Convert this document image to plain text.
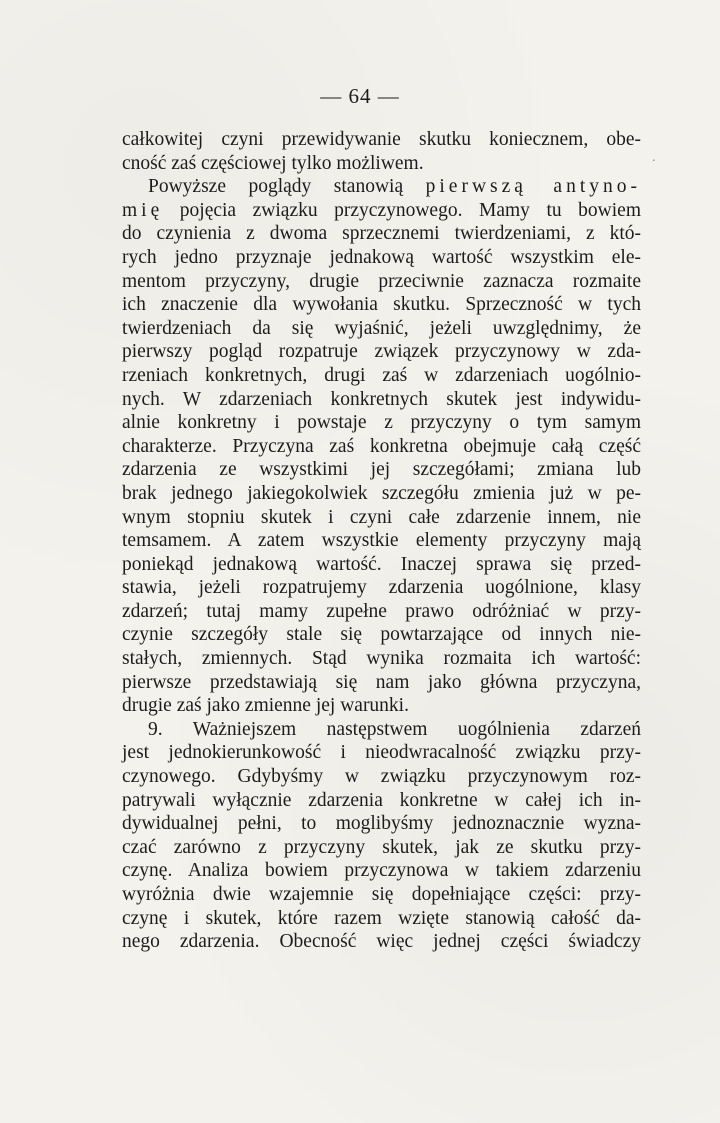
— 64 —
.
całkowitej czyni przewidywanie skutku koniecznem, obe-
cność zaś częściowej tylko możliwem.
Powyższe poglądy stanowią pierwszą antyno-
mię pojęcia związku przyczynowego. Mamy tu bowiem
do czynienia z dwoma sprzecznemi twierdzeniami, z któ-
rych jedno przyznaje jednakową wartość wszystkim ele-
mentom przyczyny, drugie przeciwnie zaznacza rozmaite
ich znaczenie dla wywołania skutku. Sprzeczność w tych
twierdzeniach da się wyjaśnić, jeżeli uwzględnimy, że
pierwszy pogląd rozpatruje związek przyczynowy w zda-
rzeniach konkretnych, drugi zaś w zdarzeniach uogólnio-
nych. W zdarzeniach konkretnych skutek jest indywidu-
alnie konkretny i powstaje z przyczyny o tym samym
charakterze. Przyczyna zaś konkretna obejmuje całą część
zdarzenia ze wszystkimi jej szczegółami; zmiana lub
brak jednego jakiegokolwiek szczegółu zmienia już w pe-
wnym stopniu skutek i czyni całe zdarzenie innem, nie
temsamem. A zatem wszystkie elementy przyczyny mają
poniekąd jednakową wartość. Inaczej sprawa się przed-
stawia, jeżeli rozpatrujemy zdarzenia uogólnione, klasy
zdarzeń; tutaj mamy zupełne prawo odróżniać w przy-
czynie szczegóły stale się powtarzające od innych nie-
stałych, zmiennych. Stąd wynika rozmaita ich wartość:
pierwsze przedstawiają się nam jako główna przyczyna,
drugie zaś jako zmienne jej warunki.
9. Ważniejszem następstwem uogólnienia zdarzeń
jest jednokierunkowość i nieodwracalność związku przy-
czynowego. Gdybyśmy w związku przyczynowym roz-
patrywali wyłącznie zdarzenia konkretne w całej ich in-
dywidualnej pełni, to moglibyśmy jednoznacznie wyzna-
czać zarówno z przyczyny skutek, jak ze skutku przy-
czynę. Analiza bowiem przyczynowa w takiem zdarzeniu
wyróżnia dwie wzajemnie się dopełniające części: przy-
czynę i skutek, które razem wzięte stanowią całość da-
nego zdarzenia. Obecność więc jednej części świadczy
